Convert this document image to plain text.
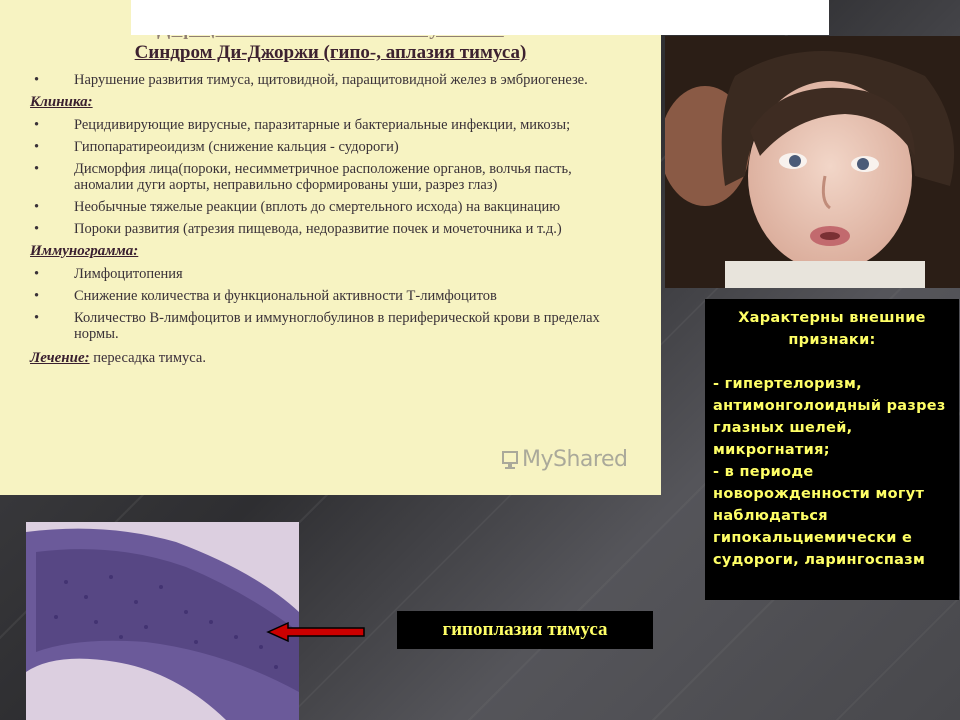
Синдром Ди-Джоржи (гипо-, аплазия тимуса)
• Нарушение развития тимуса, щитовидной, паращитовидной желез в эмбриогенезе.
Клиника:
• Рецидивирующие вирусные, паразитарные и бактериальные инфекции, микозы;
• Гипопаратиреоидизм (снижение кальция - судороги)
• Дисморфия лица(пороки, несимметричное расположение органов, волчья пасть, аномалии дуги аорты, неправильно сформированы уши, разрез глаз)
• Необычные тяжелые реакции (вплоть до смертельного исхода) на вакцинацию
• Пороки развития (атрезия пищевода, недоразвитие почек и мочеточника и т.д.)
Иммунограмма:
• Лимфоцитопения
• Снижение количества и функциональной активности Т-лимфоцитов
• Количество В-лимфоцитов и иммуноглобулинов в периферической крови в пределах нормы.
Лечение: пересадка тимуса.
MyShared
Характерны внешние признаки:
- гипертелоризм, антимонголоидный разрез глазных шелей, микрогнатия;
- в периоде новорожденности могут наблюдаться гипокальциемически е судороги, ларингоспазм
гипоплазия тимуса
